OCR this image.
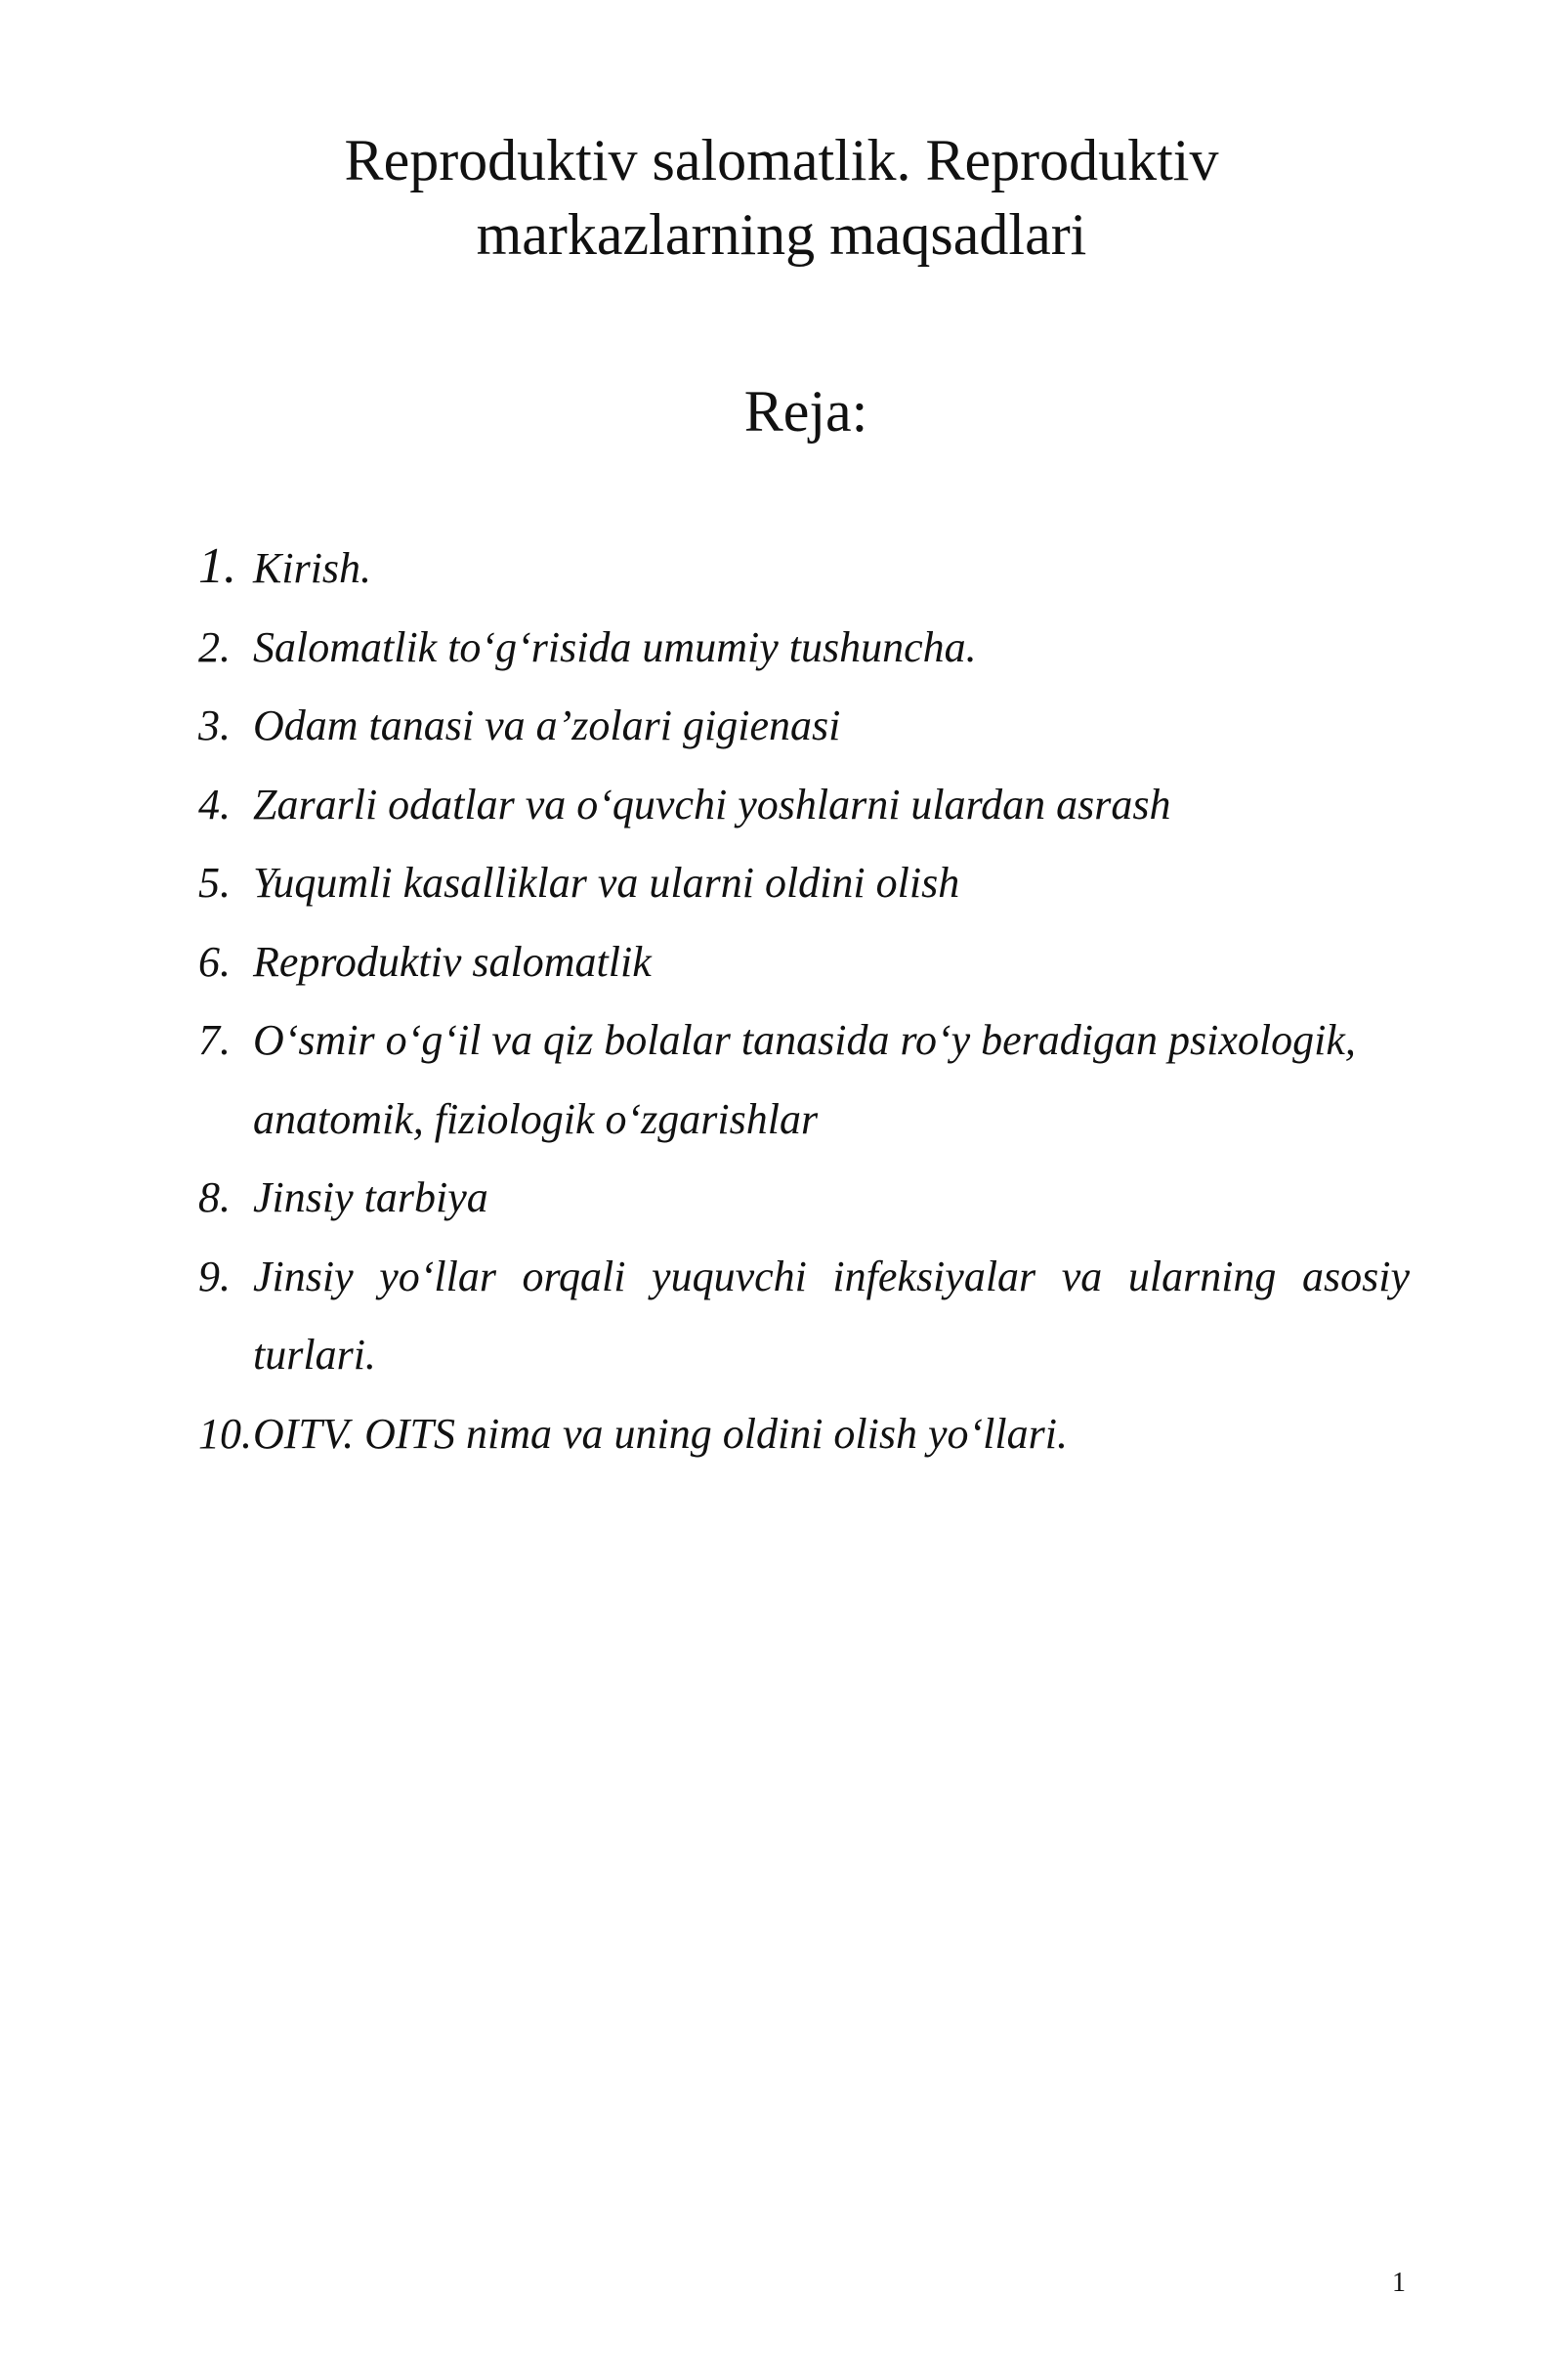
Reproduktiv salomatlik. Reproduktiv
markazlarning maqsadlari
Reja:
1. Kirish.
2. Salomatlik to‘g‘risida umumiy tushuncha.
3. Odam tanasi va a’zolari gigienasi
4. Zararli odatlar va o‘quvchi yoshlarni ulardan asrash
5. Yuqumli kasalliklar va ularni oldini olish
6. Reproduktiv salomatlik
7. O‘smir o‘g‘il va qiz bolalar tanasida ro‘y beradigan psixologik, anatomik, fiziologik o‘zgarishlar
8. Jinsiy tarbiya
9. Jinsiy yo‘llar orqali yuquvchi infeksiyalar va ularning asosiy turlari.
10. OITV. OITS nima va uning oldini olish yo‘llari.
1
